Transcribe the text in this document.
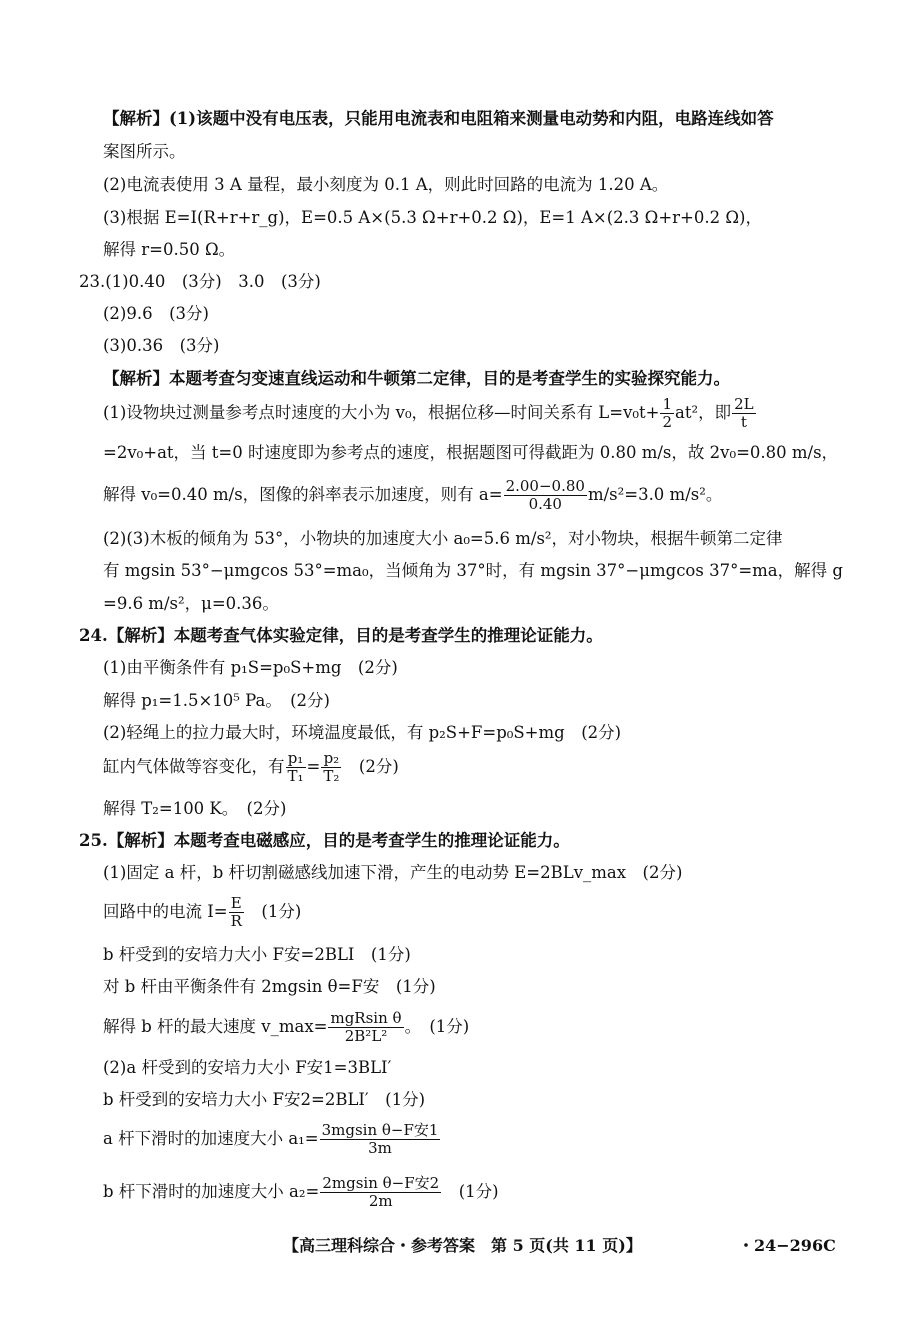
【解析】(1)该题中没有电压表，只能用电流表和电阻箱来测量电动势和内阻，电路连线如答
案图所示。
(2)电流表使用 3 A 量程，最小刻度为 0.1 A，则此时回路的电流为 1.20 A。
(3)根据 E=I(R+r+r_g)，E=0.5 A×(5.3 Ω+r+0.2 Ω)，E=1 A×(2.3 Ω+r+0.2 Ω)，
解得 r=0.50 Ω。
23.(1)0.40　(3分)　3.0　(3分)
(2)9.6　(3分)
(3)0.36　(3分)
【解析】本题考查匀变速直线运动和牛顿第二定律，目的是考查学生的实验探究能力。
(1)设物块过测量参考点时速度的大小为 v₀，根据位移—时间关系有 $L=v_0t+ \frac{1}{2} at^2$，即 $\frac{2L}{t}$
=2v₀+at，当 t=0 时速度即为参考点的速度，根据题图可得截距为 0.80 m/s，故 2v₀=0.80 m/s，
解得 v₀=0.40 m/s，图像的斜率表示加速度，则有 $a= \frac{2.00-0.80}{0.40} m/s^2=3.0$ m/s²。
(2)(3)木板的倾角为 53°，小物块的加速度大小 a₀=5.6 m/s²，对小物块，根据牛顿第二定律
有 mgsin 53°−μmgcos 53°=ma₀，当倾角为 37°时，有 mgsin 37°−μmgcos 37°=ma，解得 g
=9.6 m/s²，μ=0.36。
24.【解析】本题考查气体实验定律，目的是考查学生的推理论证能力。
(1)由平衡条件有 p₁S=p₀S+mg　(2分)
解得 p₁=1.5×10⁵ Pa。　(2分)
(2)轻绳上的拉力最大时，环境温度最低，有 p₂S+F=p₀S+mg　(2分)
缸内气体做等容变化，有 $\frac{\text{p₁}}{\text{T₁}} = \frac{\text{p₂}}{\text{T₂}}$
　 (2分)
解得 T₂=100 K。　(2分)
25.【解析】本题考查电磁感应，目的是考查学生的推理论证能力。
(1)固定 a 杆，b 杆切割磁感线加速下滑，产生的电动势 E=2BLv_max　(2分)
回路中的电流 $I= \frac{E}{R}$
　 (1分)
b 杆受到的安培力大小 F安=2BLI　(1分)
对 b 杆由平衡条件有 2mgsin θ=F安　(1分)
解得 b 杆的最大速度 v_max= $\frac{\text{mgRsin θ}}{\text{2B²L²}}$ 。　(1分)
(2)a 杆受到的安培力大小 F安1=3BLI′
b 杆受到的安培力大小 F安2=2BLI′　(1分)
a 杆下滑时的加速度大小 $a_1= \frac{\text{3mgsin θ−F安1}}{3m}$
b 杆下滑时的加速度大小 $a_2= \frac{\text{2mgsin θ−F安2}}{2m}$
　 (1分)
【高三理科综合・参考答案　第 5 页(共 11 页)】	・24−296C
